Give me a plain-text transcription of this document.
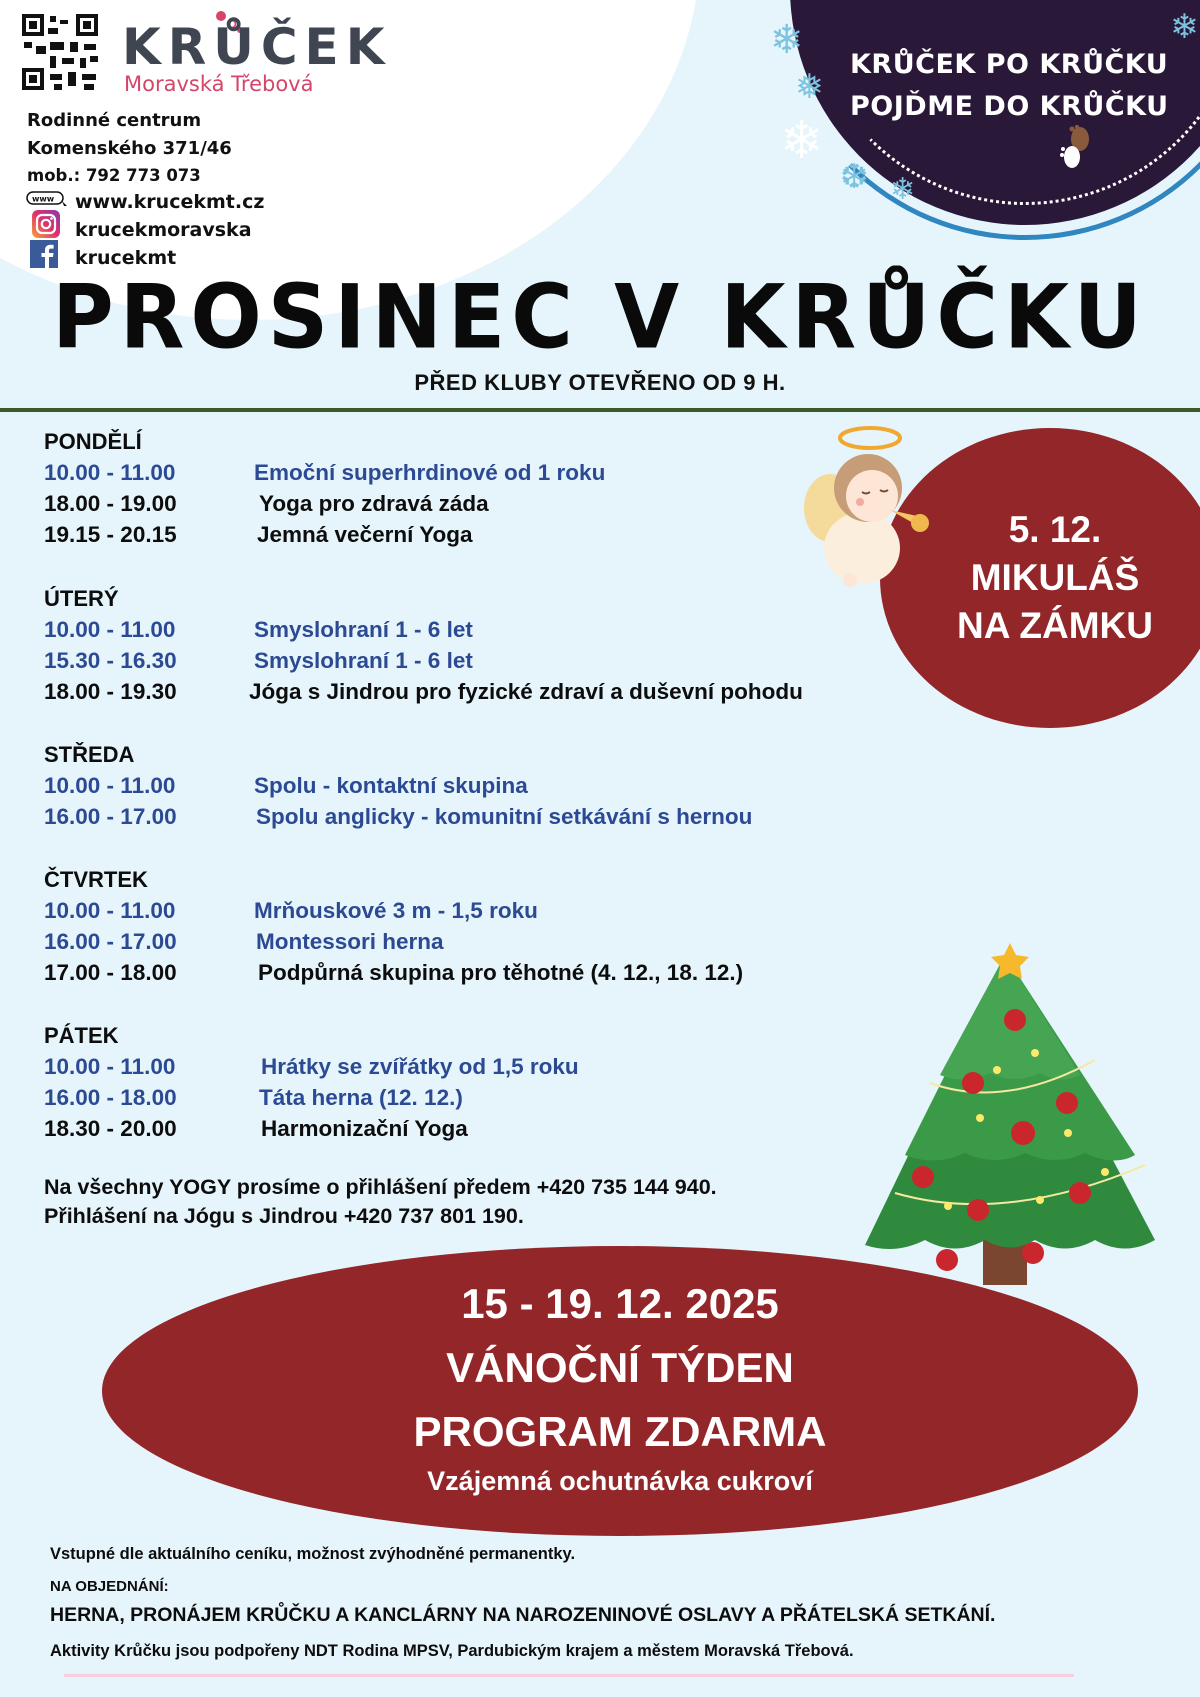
❄
❅
❄
❆ ❄
❄
KRŮČEK PO KRŮČKU
POJĎME DO KRŮČKU
KRŮČEK
Moravská Třebová
Rodinné centrum
Komenského 371/46
mob.: 792 773 073
www www.krucekmt.cz
krucekmoravska
krucekmt
PROSINEC V KRŮČKU
PŘED KLUBY OTEVŘENO OD 9 H.
5. 12.
MIKULÁŠ
NA ZÁMKU
PONDĚLÍ
10.00 - 11.00	Emoční superhrdinové od 1 roku
18.00 - 19.00	Yoga pro zdravá záda
19.15 - 20.15	Jemná večerní Yoga
ÚTERÝ
10.00 - 11.00	Smyslohraní 1 - 6 let
15.30 - 16.30	Smyslohraní 1 - 6 let
18.00 - 19.30	Jóga s Jindrou pro fyzické zdraví a duševní pohodu
STŘEDA
10.00 - 11.00	Spolu - kontaktní skupina
16.00 - 17.00	Spolu anglicky - komunitní setkávání s hernou
ČTVRTEK
10.00 - 11.00	Mrňouskové 3 m - 1,5 roku
16.00 - 17.00	Montessori herna
17.00 - 18.00	Podpůrná skupina pro těhotné (4. 12., 18. 12.)
PÁTEK
10.00 - 11.00	Hrátky se zvířátky od 1,5 roku
16.00 - 18.00	Táta herna (12. 12.)
18.30 - 20.00	Harmonizační Yoga
Na všechny YOGY prosíme o přihlášení předem +420 735 144 940.
Přihlášení na Jógu s Jindrou +420 737 801 190.
15 - 19. 12. 2025
VÁNOČNÍ TÝDEN
PROGRAM ZDARMA
Vzájemná ochutnávka cukroví
Vstupné dle aktuálního ceníku, možnost zvýhodněné permanentky.
NA OBJEDNÁNÍ:
HERNA, PRONÁJEM KRŮČKU A KANCLÁRNY NA NAROZENINOVÉ OSLAVY A PŘÁTELSKÁ SETKÁNÍ.
Aktivity Krůčku jsou podpořeny NDT Rodina MPSV, Pardubickým krajem a městem Moravská Třebová.
